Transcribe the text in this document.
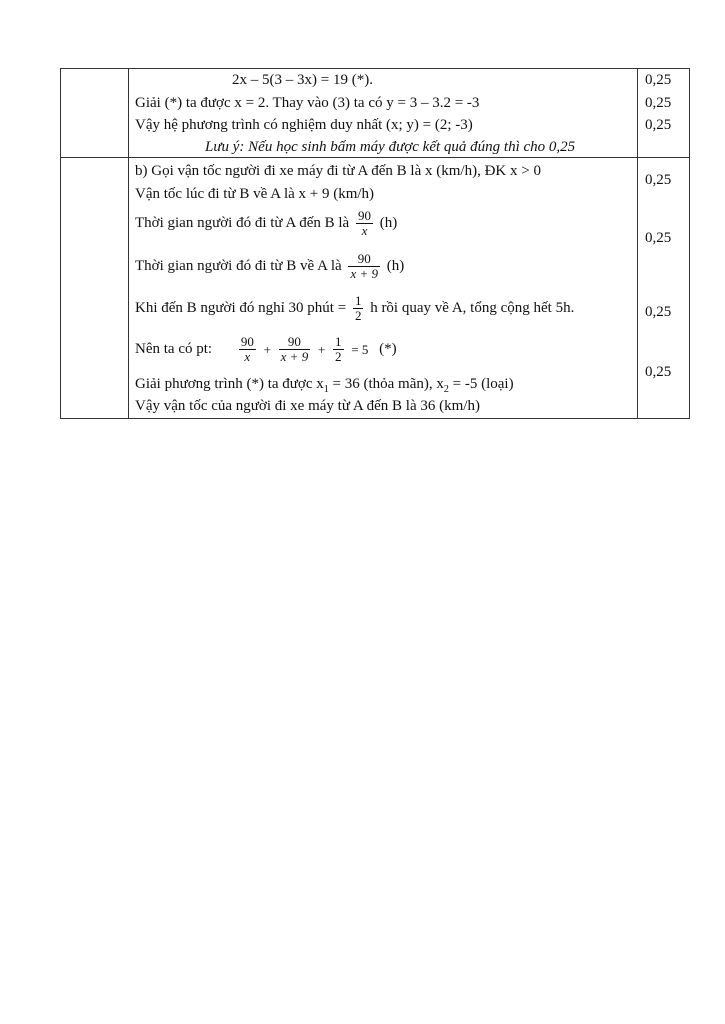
2x – 5(3 – 3x) = 19 (*).
Giải (*) ta được x = 2. Thay vào (3) ta có y = 3 – 3.2 = -3
Vậy hệ phương trình có nghiệm duy nhất (x; y) = (2; -3)
Lưu ý: Nếu học sinh bấm máy được kết quả đúng thì cho 0,25
0,25
0,25
0,25
b) Gọi vận tốc người đi xe máy đi từ A đến B là x (km/h), ĐK x > 0
Vận tốc lúc đi từ B về A là x + 9 (km/h)
Thời gian người đó đi từ A đến B là $\frac{90}{x} (h)$
Thời gian người đó đi từ B về A là $\frac{90}{x + 9} (h)$
Khi đến B người đó nghỉ 30 phút = $\frac{1}{2}$ h rồi quay về A, tổng cộng hết 5h.
Nên ta có pt: $\frac{90}{x} + \frac{90}{x + 9} + \frac{1}{2} = 5$ (*)
Giải phương trình (*) ta được $x_1 = 36$ (thỏa mãn), $x_2 = -5$ (loại)
Vậy vận tốc của người đi xe máy từ A đến B là 36 (km/h)
0,25
0,25
0,25
0,25
